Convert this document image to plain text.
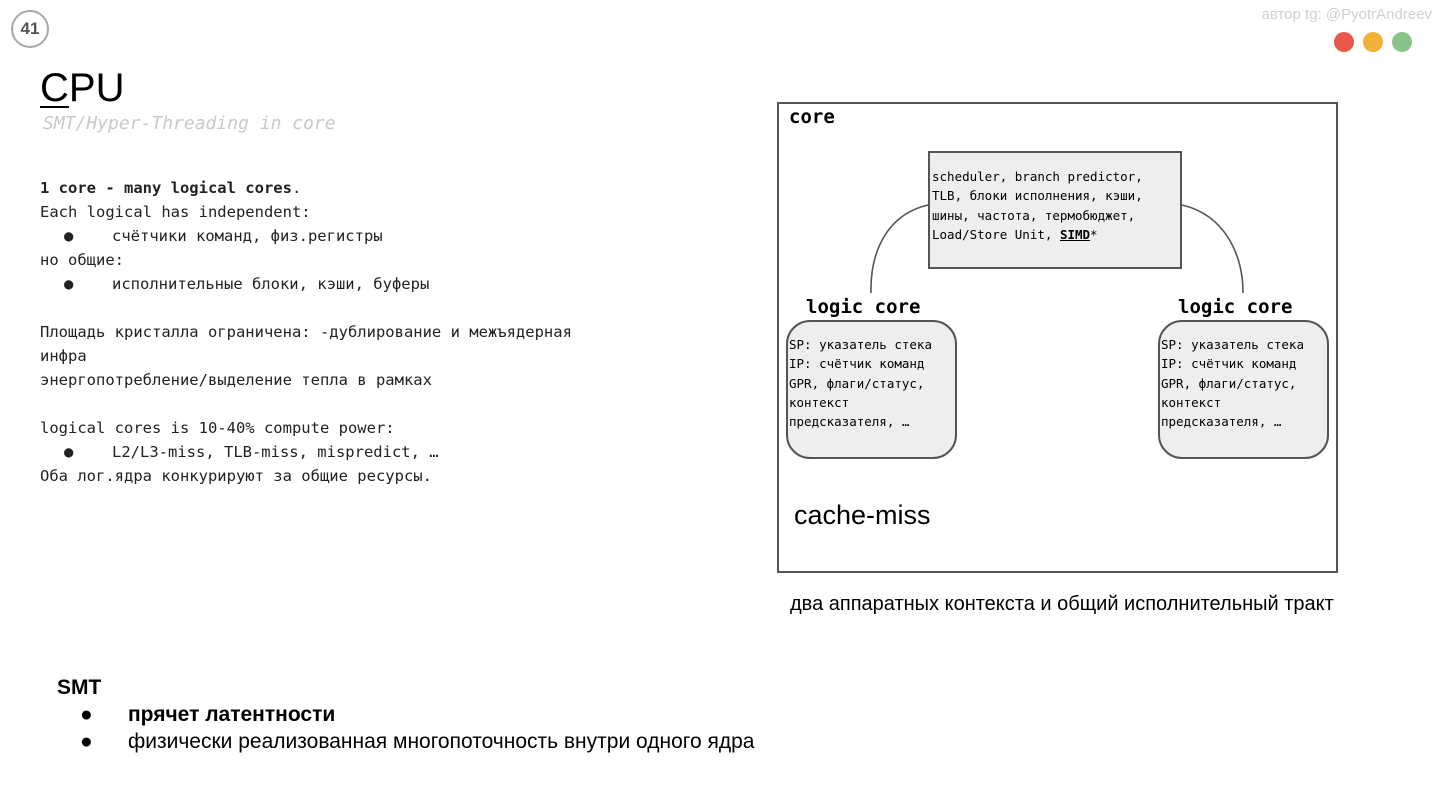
41
автор tg: @PyotrAndreev
CPU
SMT/Hyper-Threading in core
1 core - many logical cores.
Each logical has independent:
● счётчики команд, физ.регистры
но общие:
● исполнительные блоки, кэши, буферы
Площадь кристалла ограничена: -дублирование и межъядерная
инфра
энергопотребление/выделение тепла в рамках
logical cores is 10-40% compute power:
● L2/L3-miss, TLB-miss, mispredict, …
Оба лог.ядра конкурируют за общие ресурсы.
core
scheduler, branch predictor,
TLB, блоки исполнения, кэши,
шины, частота, термобюджет,
Load/Store Unit, SIMD*
logic core
SP: указатель стека
IP: счётчик команд
GPR, флаги/статус,
контекст
предсказателя, …
logic core
SP: указатель стека
IP: счётчик команд
GPR, флаги/статус,
контекст
предсказателя, …
cache-miss
два аппаратных контекста и общий исполнительный тракт
SMT
●	прячет латентности
●	физически реализованная многопоточность внутри одного ядра
